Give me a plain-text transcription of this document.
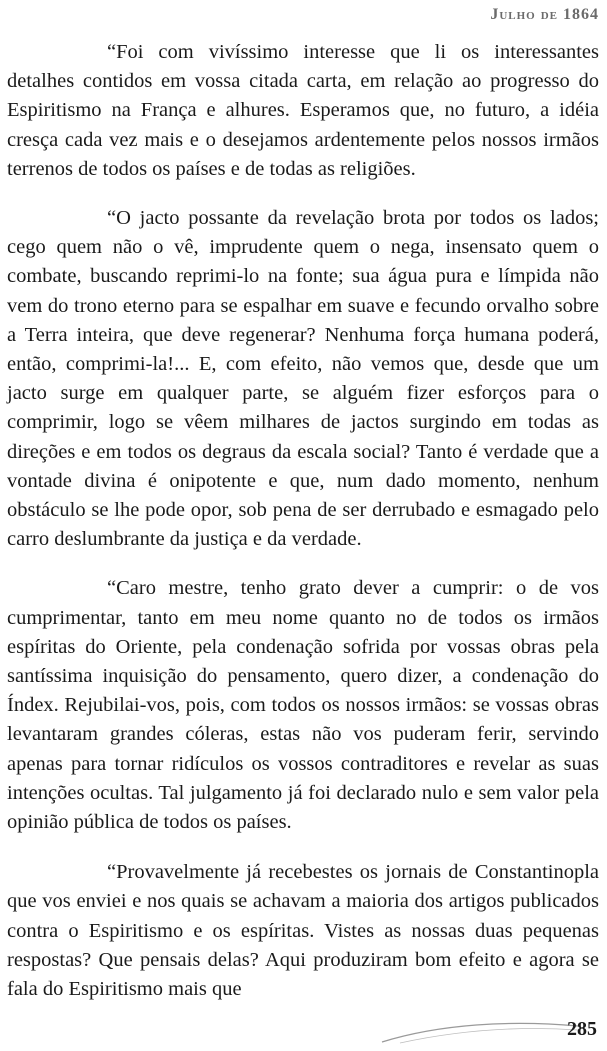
Julho de 1864

“Foi com vivíssimo interesse que li os interessantes detalhes contidos em vossa citada carta, em relação ao progresso do Espiritismo na França e alhures. Esperamos que, no futuro, a idéia cresça cada vez mais e o desejamos ardentemente pelos nossos irmãos terrenos de todos os países e de todas as religiões.

“O jacto possante da revelação brota por todos os lados; cego quem não o vê, imprudente quem o nega, insensato quem o combate, buscando reprimi-lo na fonte; sua água pura e límpida não vem do trono eterno para se espalhar em suave e fecundo orvalho sobre a Terra inteira, que deve regenerar? Nenhuma força humana poderá, então, comprimi-la!... E, com efeito, não vemos que, desde que um jacto surge em qualquer parte, se alguém fizer esforços para o comprimir, logo se vêem milhares de jactos surgindo em todas as direções e em todos os degraus da escala social? Tanto é verdade que a vontade divina é onipotente e que, num dado momento, nenhum obstáculo se lhe pode opor, sob pena de ser derrubado e esmagado pelo carro deslumbrante da justiça e da verdade.

“Caro mestre, tenho grato dever a cumprir: o de vos cumprimentar, tanto em meu nome quanto no de todos os irmãos espíritas do Oriente, pela condenação sofrida por vossas obras pela santíssima inquisição do pensamento, quero dizer, a condenação do Índex. Rejubilai-vos, pois, com todos os nossos irmãos: se vossas obras levantaram grandes cóleras, estas não vos puderam ferir, servindo apenas para tornar ridículos os vossos contraditores e revelar as suas intenções ocultas. Tal julgamento já foi declarado nulo e sem valor pela opinião pública de todos os países.

“Provavelmente já recebestes os jornais de Constantinopla que vos enviei e nos quais se achavam a maioria dos artigos publicados contra o Espiritismo e os espíritas. Vistes as nossas duas pequenas respostas? Que pensais delas? Aqui produziram bom efeito e agora se fala do Espiritismo mais que

285
